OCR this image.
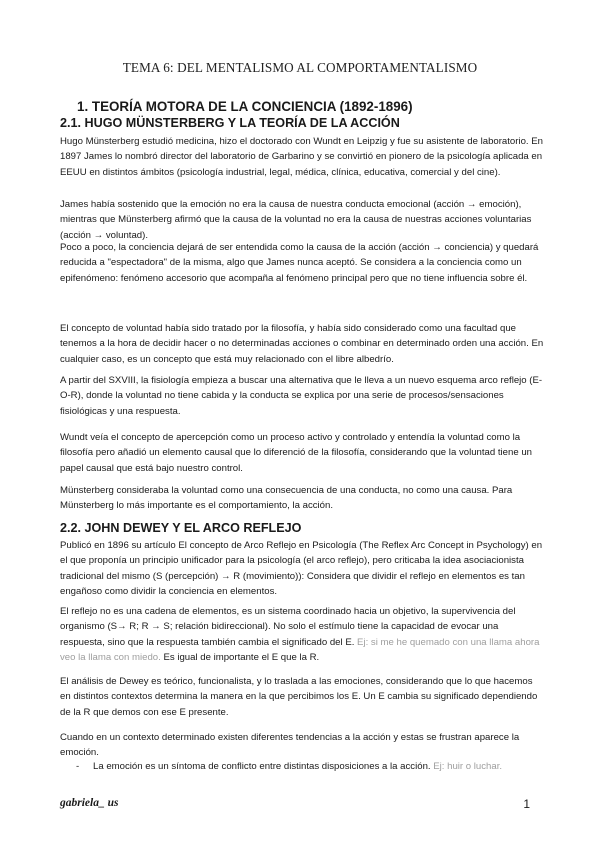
TEMA 6: DEL MENTALISMO AL COMPORTAMENTALISMO
1. TEORÍA MOTORA DE LA CONCIENCIA (1892-1896)
2.1. HUGO MÜNSTERBERG Y LA TEORÍA DE LA ACCIÓN
Hugo Münsterberg estudió medicina, hizo el doctorado con Wundt en Leipzig y fue su asistente de laboratorio. En 1897 James lo nombró director del laboratorio de Garbarino y se convirtió en pionero de la psicología aplicada en EEUU en distintos ámbitos (psicología industrial, legal, médica, clínica, educativa, comercial y del cine).
James había sostenido que la emoción no era la causa de nuestra conducta emocional (acción → emoción), mientras que Münsterberg afirmó que la causa de la voluntad no era la causa de nuestras acciones voluntarias (acción → voluntad).
Poco a poco, la conciencia dejará de ser entendida como la causa de la acción (acción → conciencia) y quedará reducida a "espectadora" de la misma, algo que James nunca aceptó. Se considera a la conciencia como un epifenómeno: fenómeno accesorio que acompaña al fenómeno principal pero que no tiene influencia sobre él.
El concepto de voluntad había sido tratado por la filosofía, y había sido considerado como una facultad que tenemos a la hora de decidir hacer o no determinadas acciones o combinar en determinado orden una acción. En cualquier caso, es un concepto que está muy relacionado con el libre albedrío.
A partir del SXVIII, la fisiología empieza a buscar una alternativa que le lleva a un nuevo esquema arco reflejo (E-O-R), donde la voluntad no tiene cabida y la conducta se explica por una serie de procesos/sensaciones fisiológicas y una respuesta.
Wundt veía el concepto de apercepción como un proceso activo y controlado y entendía la voluntad como la filosofía pero añadió un elemento causal que lo diferenció de la filosofía, considerando que la voluntad tiene un papel causal que está bajo nuestro control.
Münsterberg consideraba la voluntad como una consecuencia de una conducta, no como una causa. Para Münsterberg lo más importante es el comportamiento, la acción.
2.2. JOHN DEWEY Y EL ARCO REFLEJO
Publicó en 1896 su artículo El concepto de Arco Reflejo en Psicología (The Reflex Arc Concept in Psychology) en el que proponía un principio unificador para la psicología (el arco reflejo), pero criticaba la idea asociacionista tradicional del mismo (S (percepción) → R (movimiento)): Considera que dividir el reflejo en elementos es tan engañoso como dividir la conciencia en elementos.
El reflejo no es una cadena de elementos, es un sistema coordinado hacia un objetivo, la supervivencia del organismo (S→ R; R → S; relación bidireccional). No solo el estímulo tiene la capacidad de evocar una respuesta, sino que la respuesta también cambia el significado del E. Ej: si me he quemado con una llama ahora veo la llama con miedo. Es igual de importante el E que la R.
El análisis de Dewey es teórico, funcionalista, y lo traslada a las emociones, considerando que lo que hacemos en distintos contextos determina la manera en la que percibimos los E. Un E cambia su significado dependiendo de la R que demos con ese E presente.
Cuando en un contexto determinado existen diferentes tendencias a la acción y estas se frustran aparece la emoción.
- La emoción es un síntoma de conflicto entre distintas disposiciones a la acción. Ej: huir o luchar.
gabriela_ us	1
